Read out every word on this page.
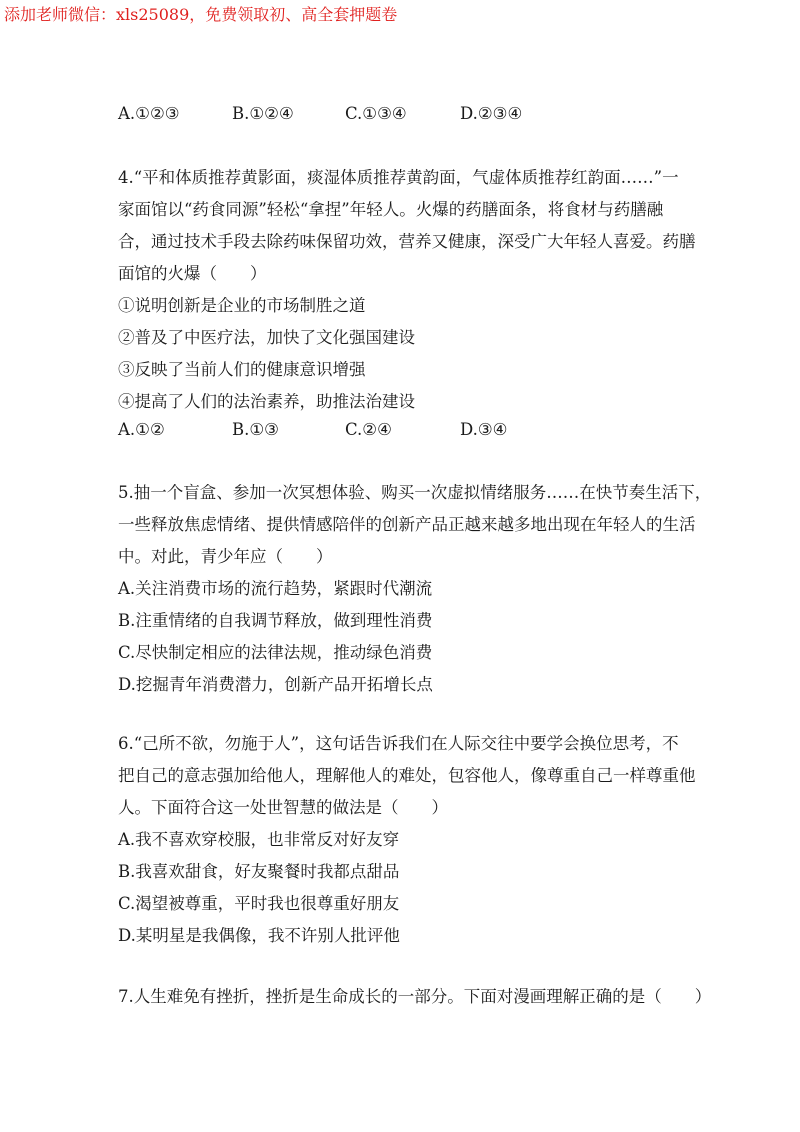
添加老师微信：xls25089，免费领取初、高全套押题卷
A.①②③	B.①②④	C.①③④	D.②③④
4.“平和体质推荐黄影面，痰湿体质推荐黄韵面，气虚体质推荐红韵面……”一
家面馆以“药食同源”轻松“拿捏”年轻人。火爆的药膳面条，将食材与药膳融
合，通过技术手段去除药味保留功效，营养又健康，深受广大年轻人喜爱。药膳
面馆的火爆（　　）
①说明创新是企业的市场制胜之道
②普及了中医疗法，加快了文化强国建设
③反映了当前人们的健康意识增强
④提高了人们的法治素养，助推法治建设
A.①②	B.①③	C.②④	D.③④
5.抽一个盲盒、参加一次冥想体验、购买一次虚拟情绪服务……在快节奏生活下，
一些释放焦虑情绪、提供情感陪伴的创新产品正越来越多地出现在年轻人的生活
中。对此，青少年应（　　）
A.关注消费市场的流行趋势，紧跟时代潮流
B.注重情绪的自我调节释放，做到理性消费
C.尽快制定相应的法律法规，推动绿色消费
D.挖掘青年消费潜力，创新产品开拓增长点
6.“己所不欲，勿施于人”，这句话告诉我们在人际交往中要学会换位思考，不
把自己的意志强加给他人，理解他人的难处，包容他人，像尊重自己一样尊重他
人。下面符合这一处世智慧的做法是（　　）
A.我不喜欢穿校服，也非常反对好友穿
B.我喜欢甜食，好友聚餐时我都点甜品
C.渴望被尊重，平时我也很尊重好朋友
D.某明星是我偶像，我不许别人批评他
7.人生难免有挫折，挫折是生命成长的一部分。下面对漫画理解正确的是（　　）
